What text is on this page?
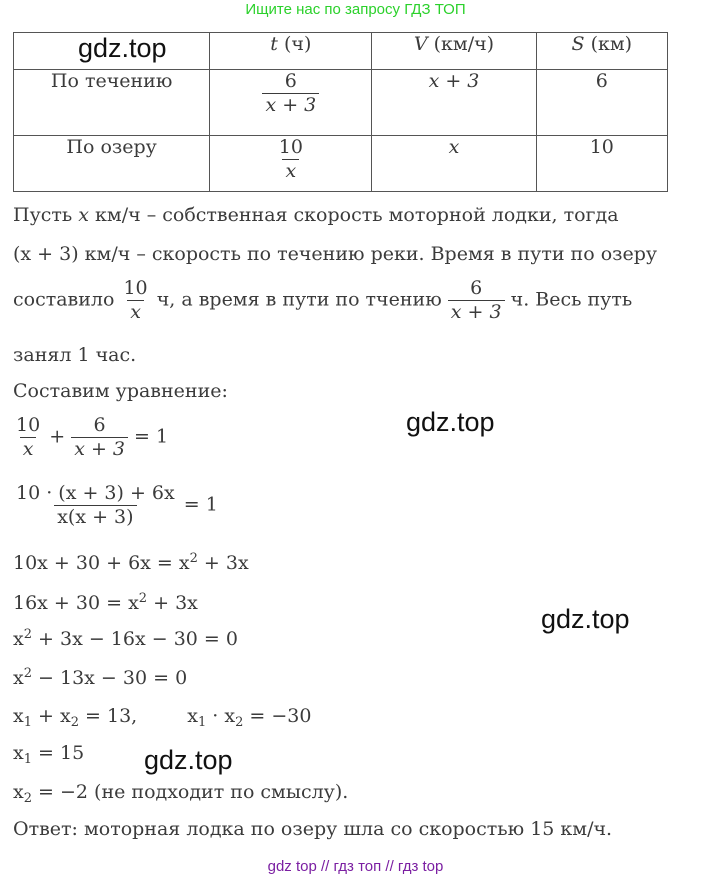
Ищите нас по запросу ГДЗ ТОП
	t (ч)	V (км/ч)	S (км)
По течению	$\frac{6}{x + 3}$	x + 3	6
По озеру	$\frac{10}{x}$	x	10
gdz.top
Пусть x км/ч – собственная скорость моторной лодки, тогда
(x + 3) км/ч – скорость по течению реки. Время в пути по озеру
составило $\frac{10}{x} ч$, а время в пути по тчению $\frac{6}{x + 3} ч$. Весь путь
занял 1 час.
Составим уравнение:
$\frac{10}{x} + \frac{6}{x + 3} = 1$
$\frac{10 \cdot (x + 3) + 6x}{x(x + 3)} = 1$
$10x + 30 + 6x = x^2 + 3x$
$16x + 30 = x^2 + 3x$
$x^2 + 3x - 16x - 30 = 0$
$x^2 - 13x - 30 = 0$
$x_1 + x_2 = 13$,	$x_1 \cdot x_2 = -30$
$x_1 = 15$
$x_2 = -2$ (не подходит по смыслу).
Ответ: моторная лодка по озеру шла со скоростью 15 км/ч.
gdz.top
gdz.top
gdz.top
gdz top // гдз топ // гдз top
